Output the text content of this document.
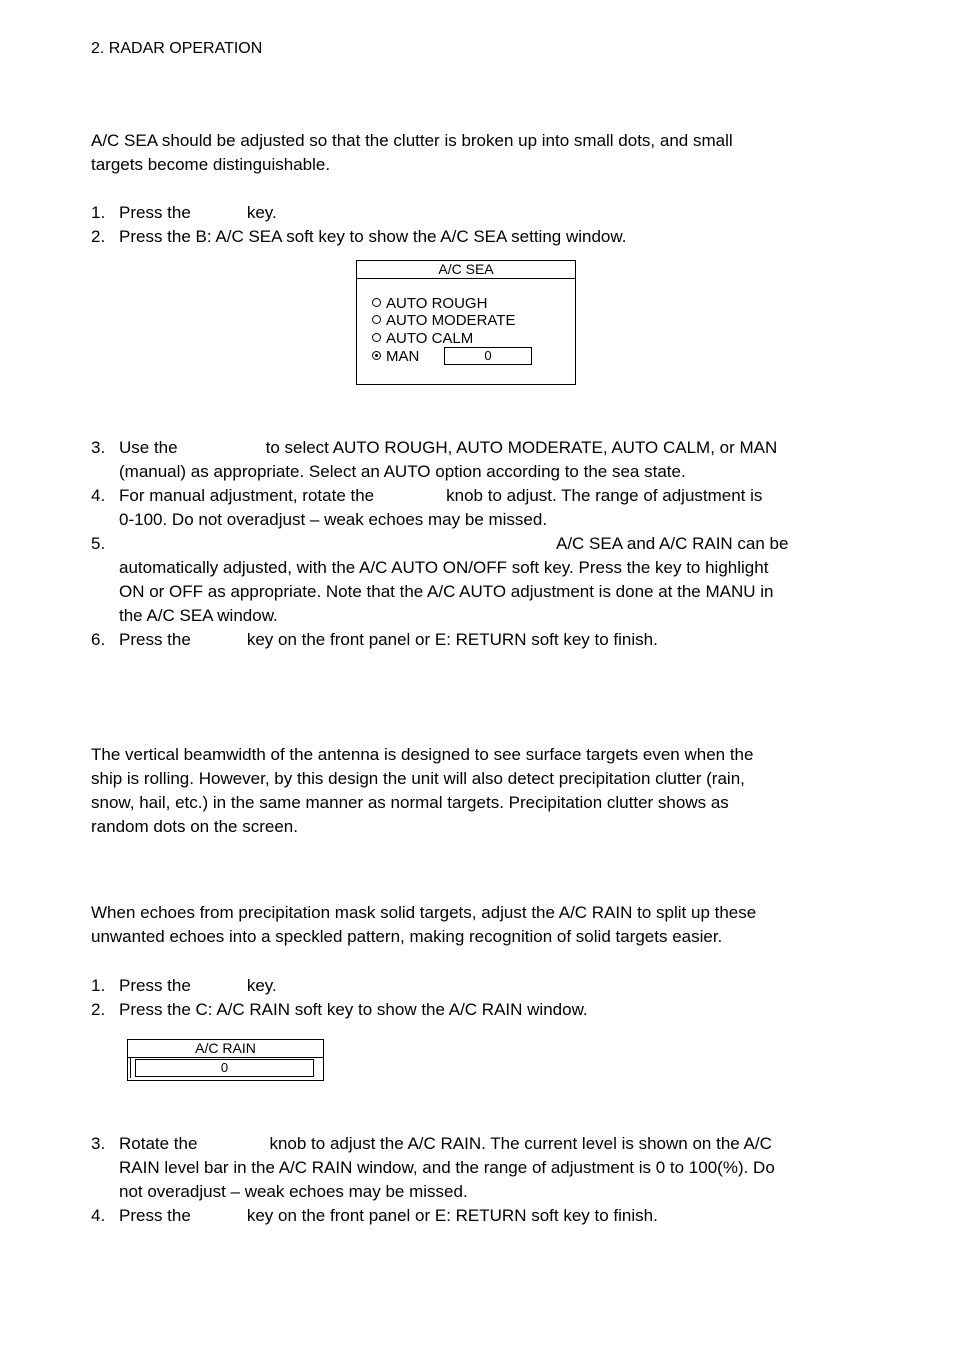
2. RADAR OPERATION
A/C SEA should be adjusted so that the clutter is broken up into small dots, and small
targets become distinguishable.
1. Press the	key.
2. Press the B: A/C SEA soft key to show the A/C SEA setting window.
A/C SEA
AUTO ROUGH
AUTO MODERATE
AUTO CALM
MAN	0
3. Use the	to select AUTO ROUGH, AUTO MODERATE, AUTO CALM, or MAN
(manual) as appropriate. Select an AUTO option according to the sea state.
4. For manual adjustment, rotate the	knob to adjust. The range of adjustment is
0-100. Do not overadjust – weak echoes may be missed.
5.	A/C SEA and A/C RAIN can be
automatically adjusted, with the A/C AUTO ON/OFF soft key. Press the key to highlight
ON or OFF as appropriate. Note that the A/C AUTO adjustment is done at the MANU in
the A/C SEA window.
6. Press the	key on the front panel or E: RETURN soft key to finish.
The vertical beamwidth of the antenna is designed to see surface targets even when the
ship is rolling. However, by this design the unit will also detect precipitation clutter (rain,
snow, hail, etc.) in the same manner as normal targets. Precipitation clutter shows as
random dots on the screen.
When echoes from precipitation mask solid targets, adjust the A/C RAIN to split up these
unwanted echoes into a speckled pattern, making recognition of solid targets easier.
1. Press the	key.
2. Press the C: A/C RAIN soft key to show the A/C RAIN window.
A/C RAIN
0
3. Rotate the	knob to adjust the A/C RAIN. The current level is shown on the A/C
RAIN level bar in the A/C RAIN window, and the range of adjustment is 0 to 100(%). Do
not overadjust – weak echoes may be missed.
4. Press the	key on the front panel or E: RETURN soft key to finish.
